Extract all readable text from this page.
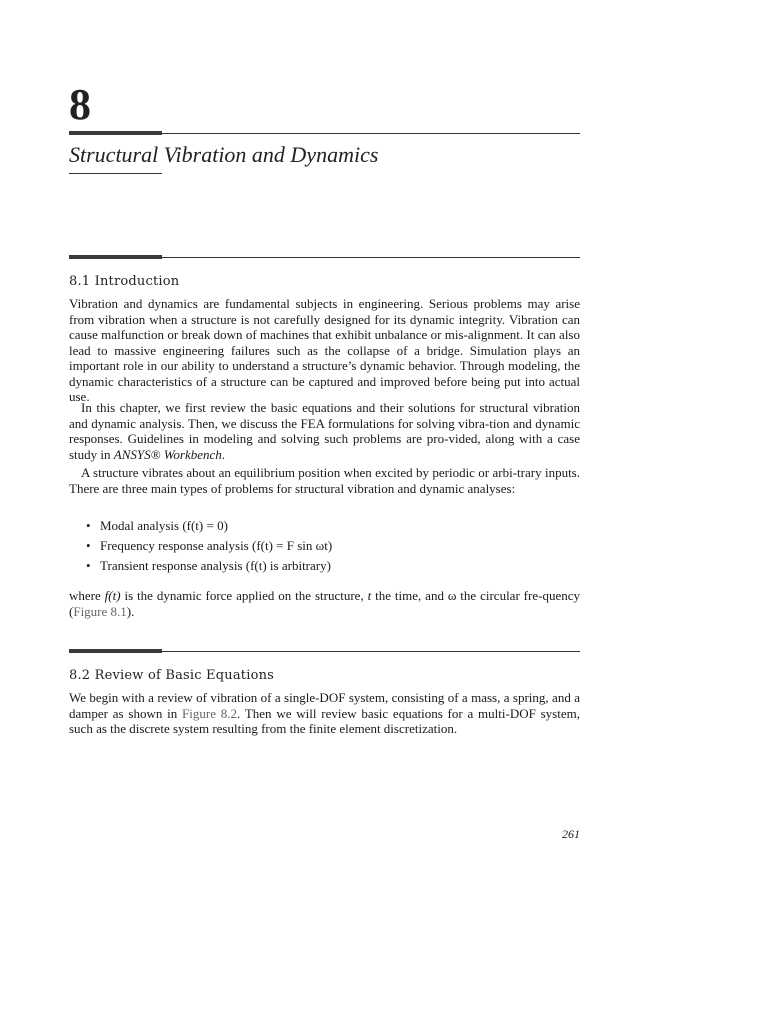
8
Structural Vibration and Dynamics
8.1 Introduction
Vibration and dynamics are fundamental subjects in engineering. Serious problems may arise from vibration when a structure is not carefully designed for its dynamic integrity. Vibration can cause malfunction or break down of machines that exhibit unbalance or mis-alignment. It can also lead to massive engineering failures such as the collapse of a bridge. Simulation plays an important role in our ability to understand a structure’s dynamic behavior. Through modeling, the dynamic characteristics of a structure can be captured and improved before being put into actual use.
In this chapter, we first review the basic equations and their solutions for structural vibration and dynamic analysis. Then, we discuss the FEA formulations for solving vibra-tion and dynamic responses. Guidelines in modeling and solving such problems are pro-vided, along with a case study in ANSYS® Workbench.
A structure vibrates about an equilibrium position when excited by periodic or arbi-trary inputs. There are three main types of problems for structural vibration and dynamic analyses:
• Modal analysis (f(t) = 0)
• Frequency response analysis (f(t) = F sin ωt)
• Transient response analysis (f(t) is arbitrary)
where f(t) is the dynamic force applied on the structure, t the time, and ω the circular fre-quency (Figure 8.1).
8.2 Review of Basic Equations
We begin with a review of vibration of a single-DOF system, consisting of a mass, a spring, and a damper as shown in Figure 8.2. Then we will review basic equations for a multi-DOF system, such as the discrete system resulting from the finite element discretization.
261
